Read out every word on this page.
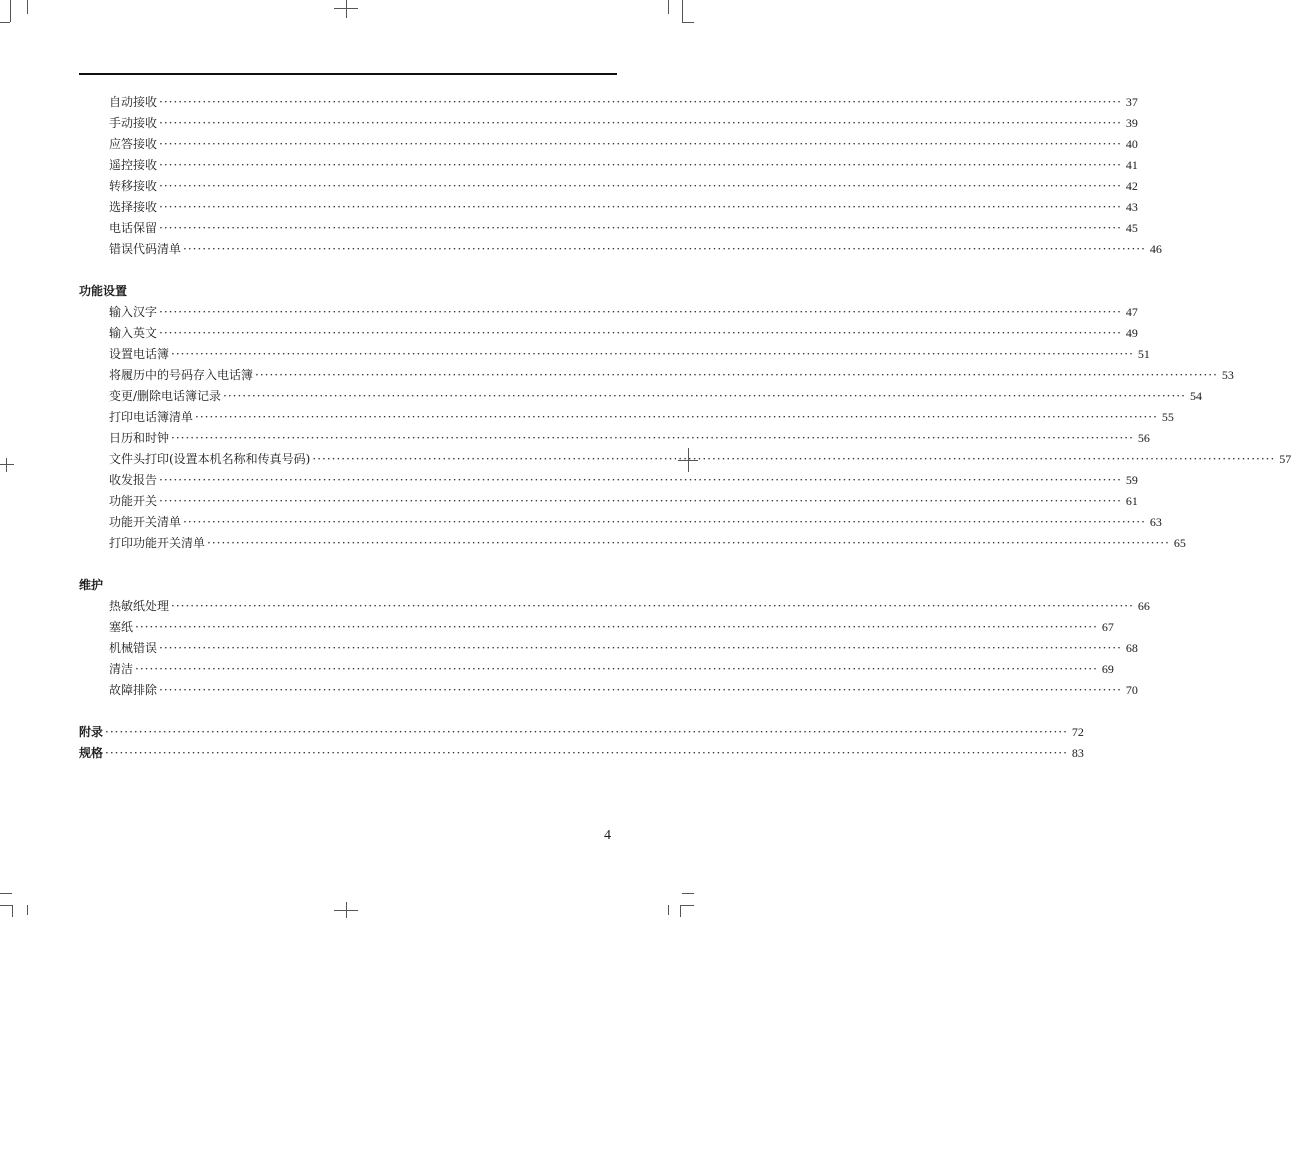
自动接收 ········································································································································································································ 37
手动接收 ········································································································································································································ 39
应答接收 ········································································································································································································ 40
遥控接收 ········································································································································································································ 41
转移接收 ········································································································································································································ 42
选择接收 ········································································································································································································ 43
电话保留 ········································································································································································································ 45
错误代码清单 ········································································································································································································ 46
功能设置
输入汉字 ········································································································································································································ 47
输入英文 ········································································································································································································ 49
设置电话簿 ········································································································································································································ 51
将履历中的号码存入电话簿 ········································································································································································································ 53
变更/删除电话簿记录 ········································································································································································································ 54
打印电话簿清单 ········································································································································································································ 55
日历和时钟 ········································································································································································································ 56
文件头打印(设置本机名称和传真号码) ········································································································································································································ 57
收发报告 ········································································································································································································ 59
功能开关 ········································································································································································································ 61
功能开关清单 ········································································································································································································ 63
打印功能开关清单 ········································································································································································································ 65
维护
热敏纸处理 ········································································································································································································ 66
塞纸 ········································································································································································································ 67
机械错误 ········································································································································································································ 68
清洁 ········································································································································································································ 69
故障排除 ········································································································································································································ 70
附录 ········································································································································································································ 72
规格 ········································································································································································································ 83
4
